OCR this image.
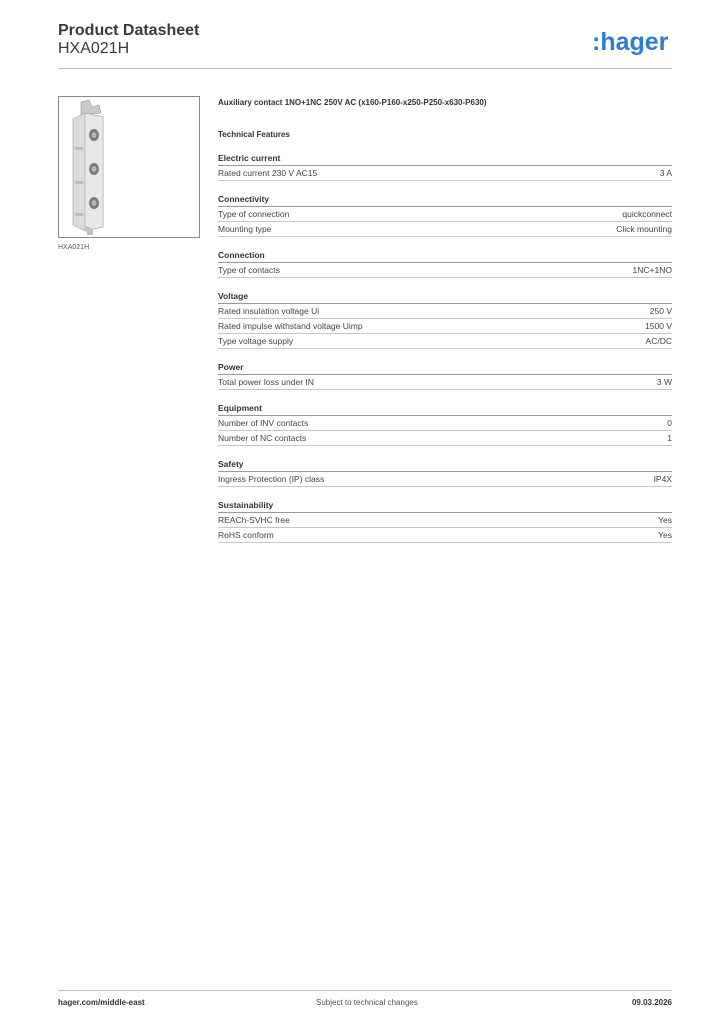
Product Datasheet
HXA021H	:hager
HXA021H
Auxiliary contact 1NO+1NC 250V AC (x160-P160-x250-P250-x630-P630)
Technical Features
Electric current
Rated current 230 V AC15	3 A
Connectivity
Type of connection	quickconnect
Mounting type	Click mounting
Connection
Type of contacts	1NC+1NO
Voltage
Rated insulation voltage Ui	250 V
Rated impulse withstand voltage Uimp	1500 V
Type voltage supply	AC/DC
Power
Total power loss under IN	3 W
Equipment
Number of INV contacts	0
Number of NC contacts	1
Safety
Ingress Protection (IP) class	IP4X
Sustainability
REACh-SVHC free	Yes
RoHS conform	Yes
hager.com/middle-east	Subject to technical changes	09.03.2026
